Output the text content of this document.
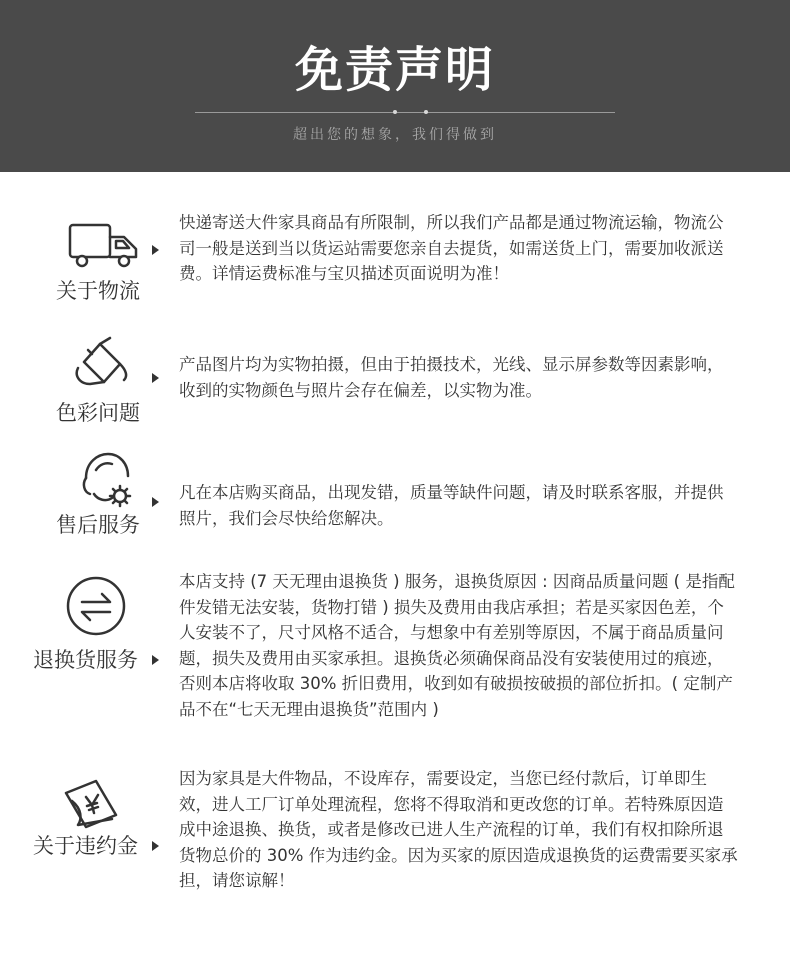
免责声明
超出您的想象，我们得做到
关于物流

快递寄送大件家具商品有所限制，所以我们产品都是通过物流运输，物流公司一般是送到当以货运站需要您亲自去提货，如需送货上门，需要加收派送费。详情运费标准与宝贝描述页面说明为准！

色彩问题

产品图片均为实物拍摄，但由于拍摄技术，光线、显示屏参数等因素影响，收到的实物颜色与照片会存在偏差，以实物为准。

售后服务

凡在本店购买商品，出现发错，质量等缺件问题，请及时联系客服，并提供照片，我们会尽快给您解决。

退换货服务

本店支持 (7 天无理由退换货 ) 服务，退换货原因 : 因商品质量问题 ( 是指配件发错无法安装，货物打错 ) 损失及费用由我店承担；若是买家因色差，个人安装不了，尺寸风格不适合，与想象中有差别等原因，不属于商品质量问题，损失及费用由买家承担。退换货必须确保商品没有安装使用过的痕迹，否则本店将收取 30% 折旧费用，收到如有破损按破损的部位折扣。( 定制产品不在“七天无理由退换货”范围内 )

关于违约金

因为家具是大件物品，不设库存，需要设定，当您已经付款后，订单即生效，进人工厂订单处理流程，您将不得取消和更改您的订单。若特殊原因造成中途退换、换货，或者是修改已进人生产流程的订单，我们有权扣除所退货物总价的 30% 作为违约金。因为买家的原因造成退换货的运费需要买家承担，请您谅解！
